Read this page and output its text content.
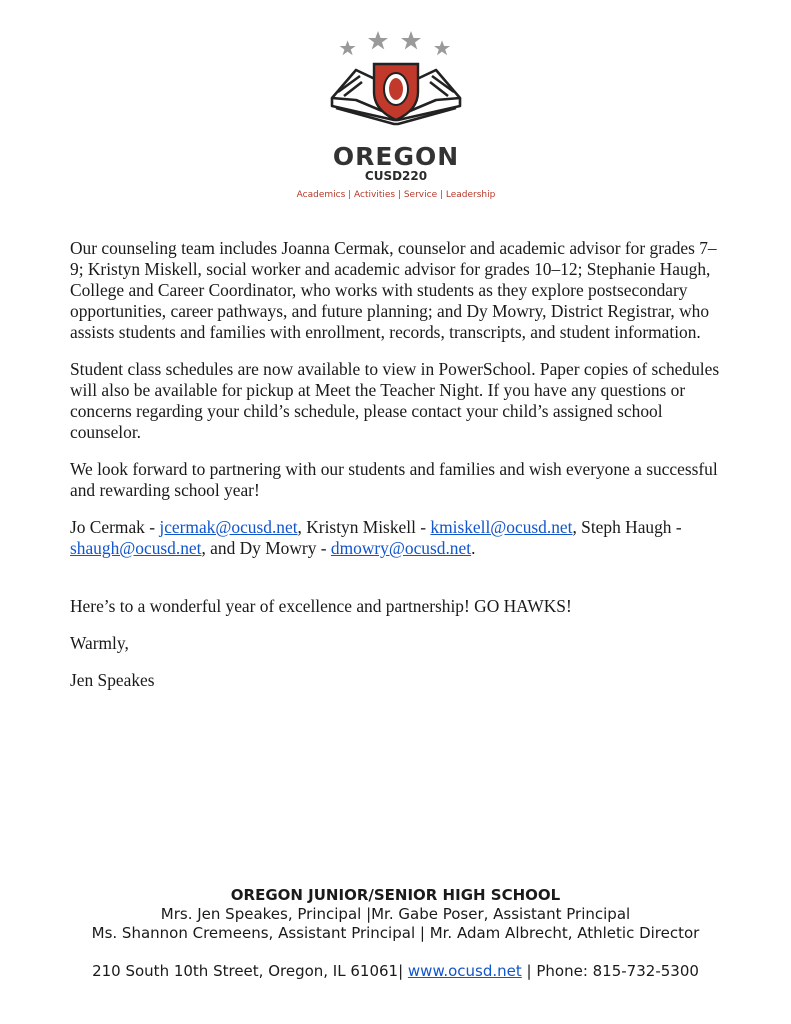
OREGON
CUSD220
Academics | Activities | Service | Leadership

Our counseling team includes Joanna Cermak, counselor and academic advisor for grades 7–9; Kristyn Miskell, social worker and academic advisor for grades 10–12; Stephanie Haugh, College and Career Coordinator, who works with students as they explore postsecondary opportunities, career pathways, and future planning; and Dy Mowry, District Registrar, who assists students and families with enrollment, records, transcripts, and student information.

Student class schedules are now available to view in PowerSchool. Paper copies of schedules will also be available for pickup at Meet the Teacher Night. If you have any questions or concerns regarding your child’s schedule, please contact your child’s assigned school counselor.

We look forward to partnering with our students and families and wish everyone a successful and rewarding school year!

Jo Cermak - jcermak@ocusd.net, Kristyn Miskell - kmiskell@ocusd.net, Steph Haugh - shaugh@ocusd.net, and Dy Mowry - dmowry@ocusd.net.

Here’s to a wonderful year of excellence and partnership! GO HAWKS!

Warmly,

Jen Speakes

OREGON JUNIOR/SENIOR HIGH SCHOOL
Mrs. Jen Speakes, Principal |Mr. Gabe Poser, Assistant Principal
Ms. Shannon Cremeens, Assistant Principal | Mr. Adam Albrecht, Athletic Director
210 South 10th Street, Oregon, IL 61061| www.ocusd.net | Phone: 815-732-5300
